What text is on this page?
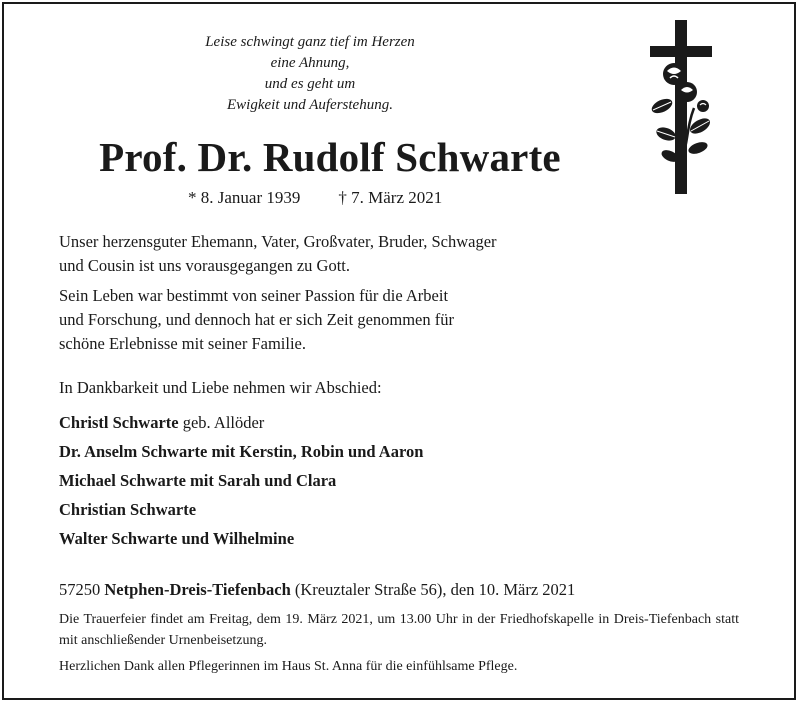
Leise schwingt ganz tief im Herzen
eine Ahnung,
und es geht um
Ewigkeit und Auferstehung.
Prof. Dr. Rudolf Schwarte
* 8. Januar 1939 † 7. März 2021
Unser herzensguter Ehemann, Vater, Großvater, Bruder, Schwager
und Cousin ist uns vorausgegangen zu Gott.
Sein Leben war bestimmt von seiner Passion für die Arbeit
und Forschung, und dennoch hat er sich Zeit genommen für
schöne Erlebnisse mit seiner Familie.
In Dankbarkeit und Liebe nehmen wir Abschied:
Christl Schwarte geb. Allöder
Dr. Anselm Schwarte mit Kerstin, Robin und Aaron
Michael Schwarte mit Sarah und Clara
Christian Schwarte
Walter Schwarte und Wilhelmine
57250 Netphen-Dreis-Tiefenbach (Kreuztaler Straße 56), den 10. März 2021
Die Trauerfeier findet am Freitag, dem 19. März 2021, um 13.00 Uhr in der Friedhofskapelle in Dreis-Tiefenbach statt mit anschließender Urnenbeisetzung.
Herzlichen Dank allen Pflegerinnen im Haus St. Anna für die einfühlsame Pflege.
